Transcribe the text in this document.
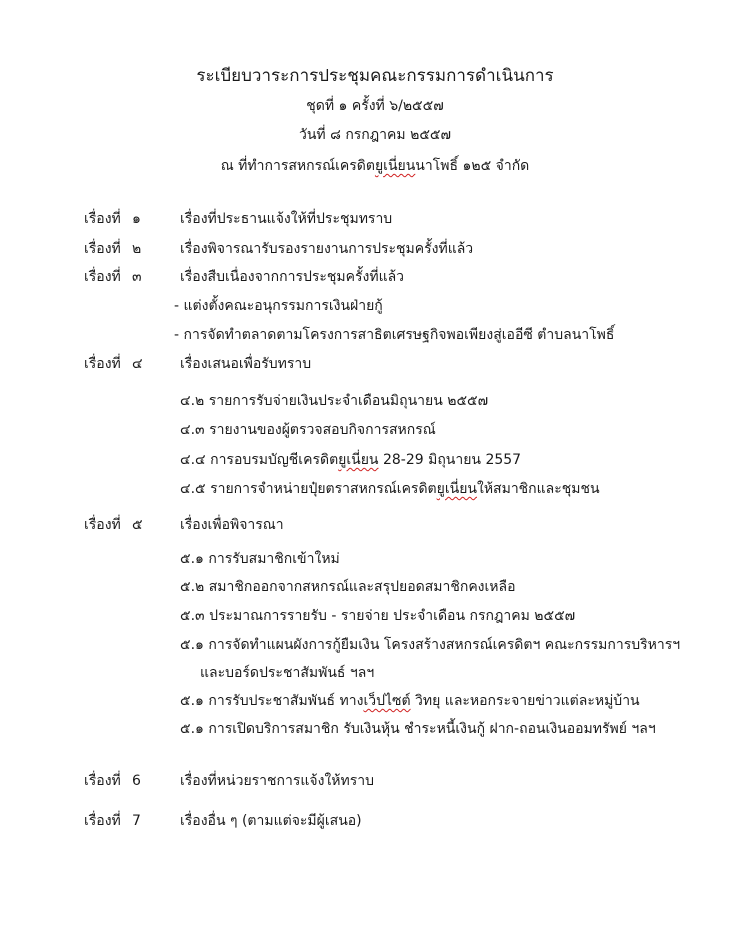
ระเบียบวาระการประชุมคณะกรรมการดำเนินการ
ชุดที่ ๑ ครั้งที่ ๖/๒๕๕๗
วันที่ ๘ กรกฎาคม ๒๕๕๗
ณ ที่ทำการสหกรณ์เครดิตยูเนี่ยนนาโพธิ์ ๑๒๕ จำกัด
เรื่องที่ ๑	เรื่องที่ประธานแจ้งให้ที่ประชุมทราบ
เรื่องที่ ๒	เรื่องพิจารณารับรองรายงานการประชุมครั้งที่แล้ว
เรื่องที่ ๓	เรื่องสืบเนื่องจากการประชุมครั้งที่แล้ว
- แต่งตั้งคณะอนุกรรมการเงินฝ่ายกู้
- การจัดทำตลาดตามโครงการสาธิตเศรษฐกิจพอเพียงสู่เออีซี ตำบลนาโพธิ์
เรื่องที่ ๔	เรื่องเสนอเพื่อรับทราบ
๔.๒ รายการรับจ่ายเงินประจำเดือนมิถุนายน ๒๕๕๗
๔.๓ รายงานของผู้ตรวจสอบกิจการสหกรณ์
๔.๔ การอบรมบัญชีเครดิตยูเนี่ยน 28-29 มิถุนายน 2557
๔.๕ รายการจำหน่ายปุ๋ยตราสหกรณ์เครดิตยูเนี่ยนให้สมาชิกและชุมชน
เรื่องที่ ๕	เรื่องเพื่อพิจารณา
๕.๑ การรับสมาชิกเข้าใหม่
๕.๒ สมาชิกออกจากสหกรณ์และสรุปยอดสมาชิกคงเหลือ
๕.๓ ประมาณการรายรับ - รายจ่าย ประจำเดือน กรกฎาคม ๒๕๕๗
๕.๑ การจัดทำแผนผังการกู้ยืมเงิน โครงสร้างสหกรณ์เครดิตฯ คณะกรรมการบริหารฯ
และบอร์ดประชาสัมพันธ์ ฯลฯ
๕.๑ การรับประชาสัมพันธ์ ทางเว็ปไซต์ วิทยุ และหอกระจายข่าวแต่ละหมู่บ้าน
๕.๑ การเปิดบริการสมาชิก รับเงินหุ้น ชำระหนี้เงินกู้ ฝาก-ถอนเงินออมทรัพย์ ฯลฯ
เรื่องที่ 6	เรื่องที่หน่วยราชการแจ้งให้ทราบ
เรื่องที่ 7	เรื่องอื่น ๆ (ตามแต่จะมีผู้เสนอ)
